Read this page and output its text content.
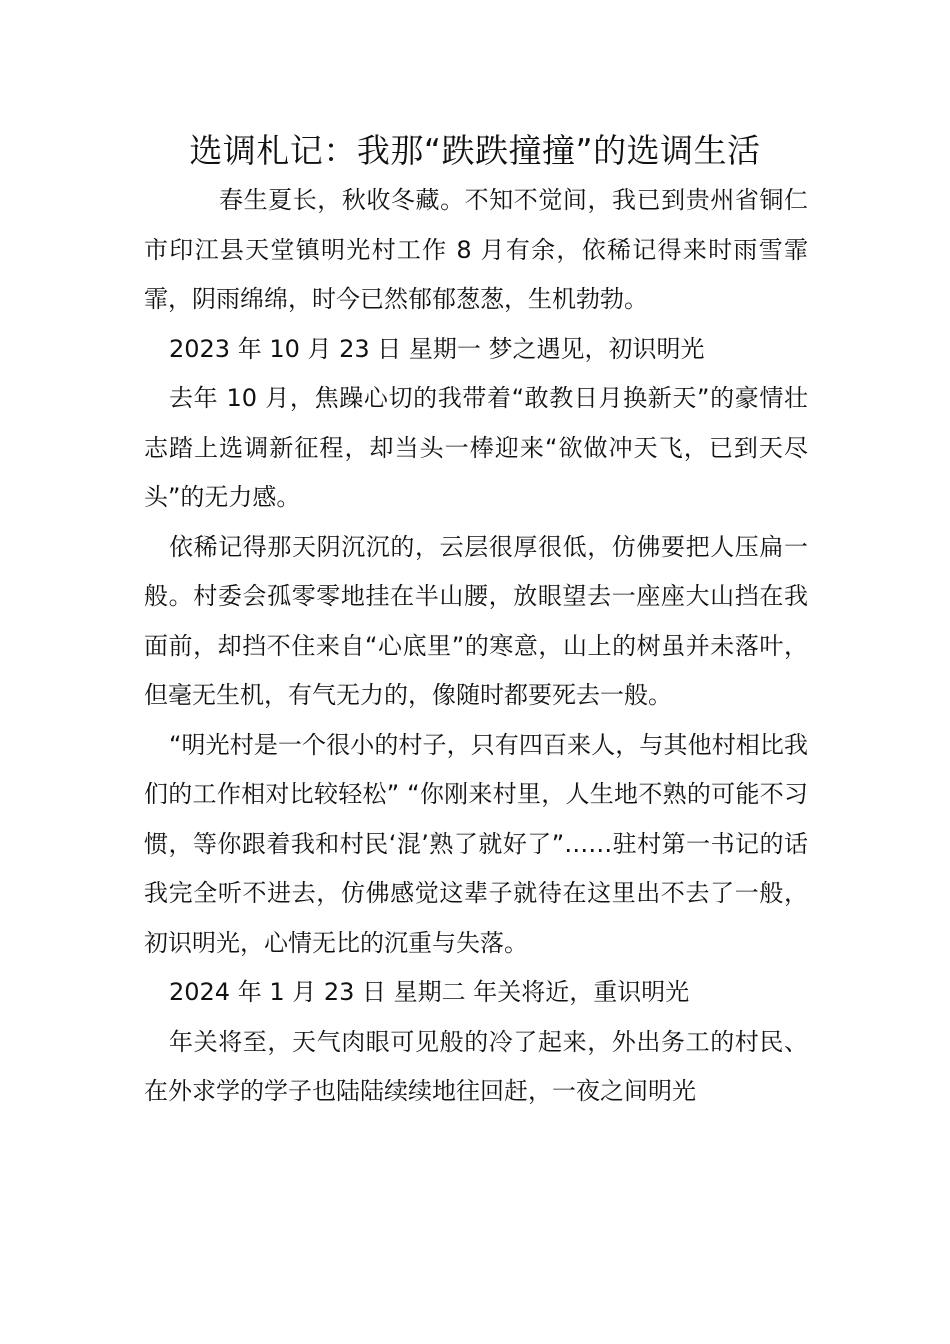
选调札记：我那“跌跌撞撞”的选调生活

春生夏长，秋收冬藏。不知不觉间，我已到贵州省铜仁市印江县天堂镇明光村工作 8 月有余，依稀记得来时雨雪霏霏，阴雨绵绵，时今已然郁郁葱葱，生机勃勃。

2023 年 10 月 23 日 星期一 梦之遇见，初识明光

去年 10 月，焦躁心切的我带着“敢教日月换新天”的豪情壮志踏上选调新征程，却当头一棒迎来“欲做冲天飞，已到天尽头”的无力感。

依稀记得那天阴沉沉的，云层很厚很低，仿佛要把人压扁一般。村委会孤零零地挂在半山腰，放眼望去一座座大山挡在我面前，却挡不住来自“心底里”的寒意，山上的树虽并未落叶，但毫无生机，有气无力的，像随时都要死去一般。

“明光村是一个很小的村子，只有四百来人，与其他村相比我们的工作相对比较轻松” “你刚来村里，人生地不熟的可能不习惯，等你跟着我和村民‘混’熟了就好了”……驻村第一书记的话我完全听不进去，仿佛感觉这辈子就待在这里出不去了一般，初识明光，心情无比的沉重与失落。

2024 年 1 月 23 日 星期二 年关将近，重识明光

年关将至，天气肉眼可见般的冷了起来，外出务工的村民、在外求学的学子也陆陆续续地往回赶，一夜之间明光
